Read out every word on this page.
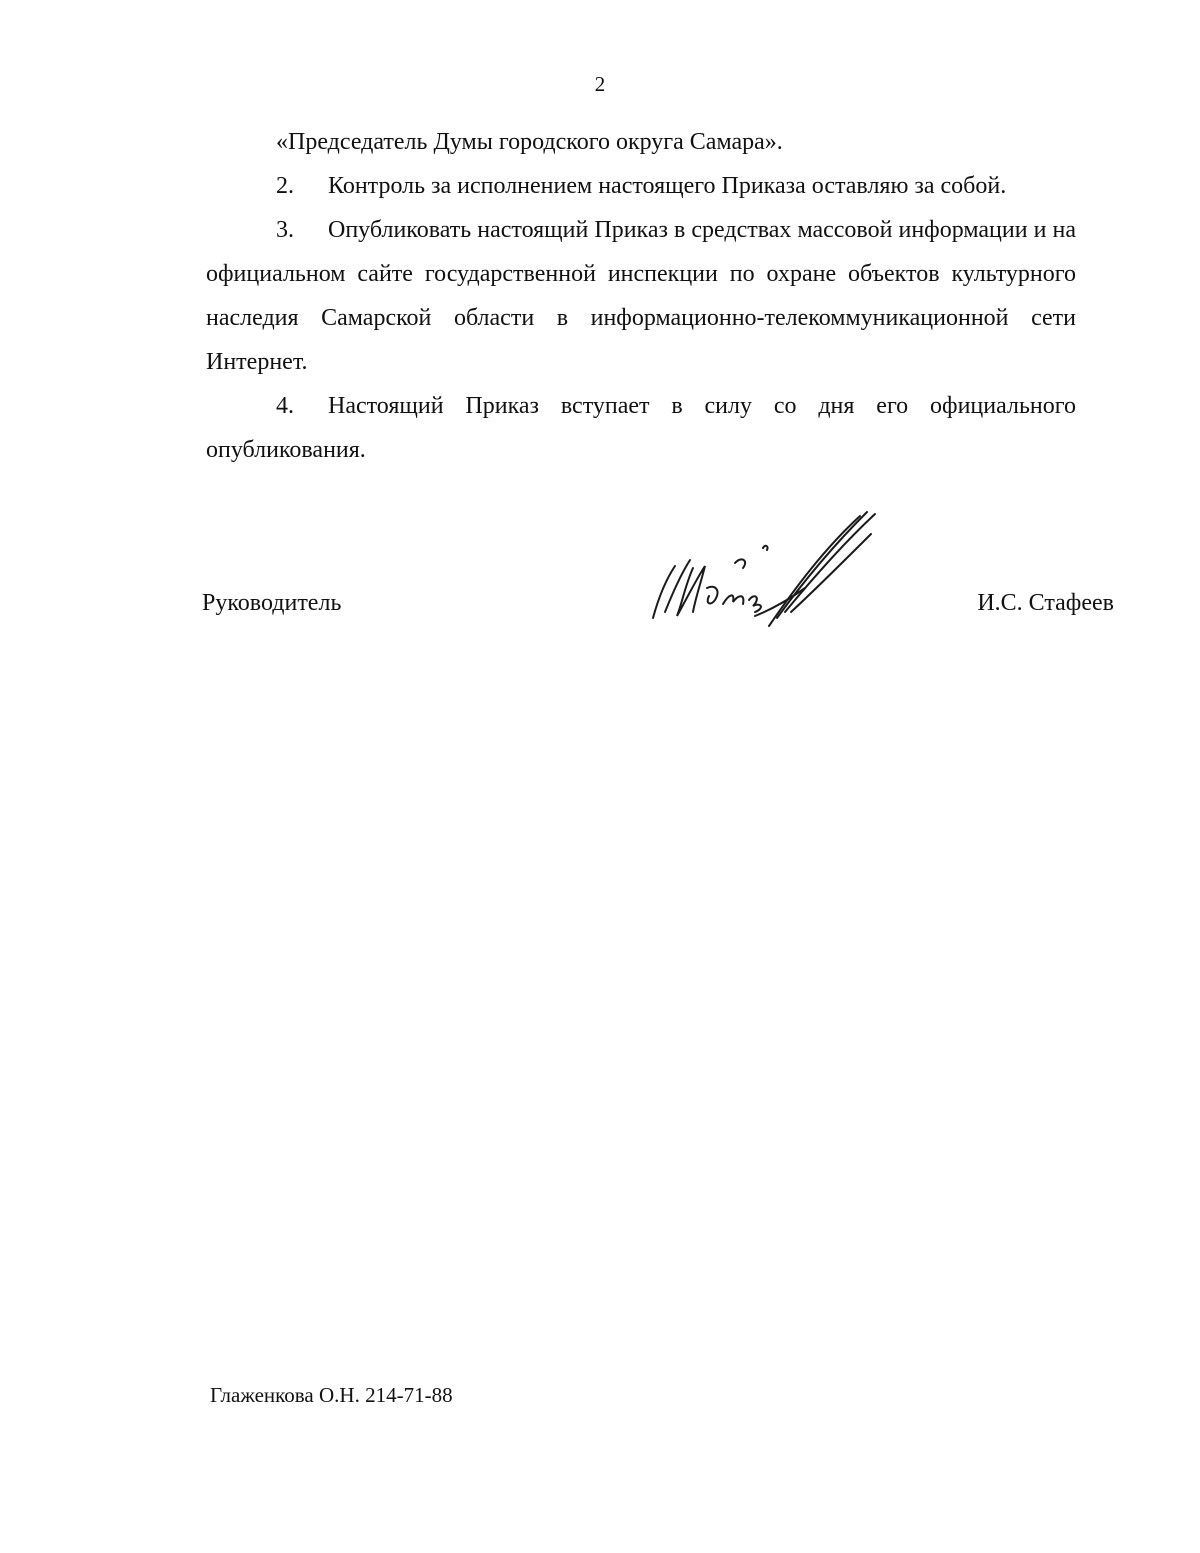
2

«Председатель Думы городского округа Самара».

2. Контроль за исполнением настоящего Приказа оставляю за собой.

3. Опубликовать настоящий Приказ в средствах массовой информации и на официальном сайте государственной инспекции по охране объектов культурного наследия Самарской области в информационно-телекоммуникационной сети Интернет.

4. Настоящий Приказ вступает в силу со дня его официального опубликования.

Руководитель	И.С. Стафеев
Глаженкова О.Н. 214-71-88
